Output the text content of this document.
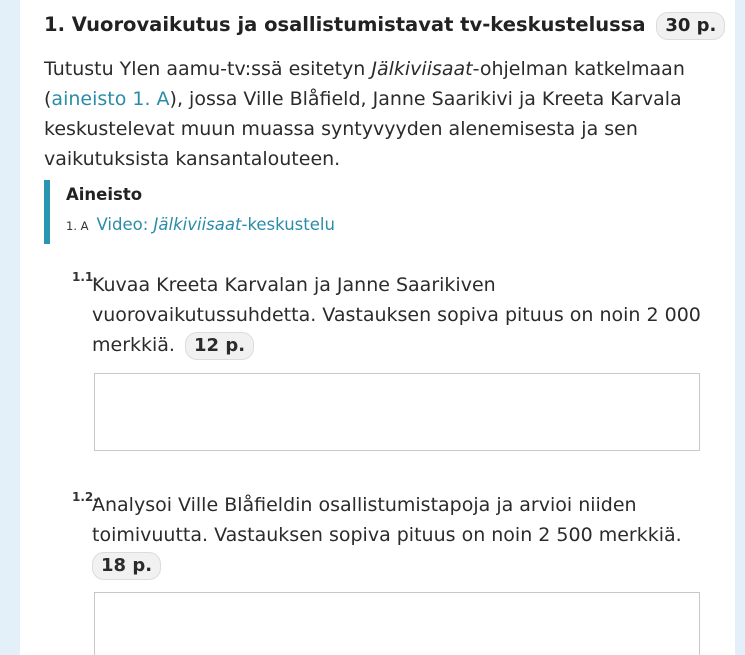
1. Vuorovaikutus ja osallistumistavat tv-keskustelussa 30 p.
Tutustu Ylen aamu-tv:ssä esitetyn Jälkiviisaat-ohjelman katkelmaan (aineisto 1. A), jossa Ville Blåfield, Janne Saarikivi ja Kreeta Karvala keskustelevat muun muassa syntyvyyden alenemisesta ja sen vaikutuksista kansantalouteen.
Aineisto
1. A Video: Jälkiviisaat-keskustelu
1.1.
Kuvaa Kreeta Karvalan ja Janne Saarikiven vuorovaikutussuhdetta. Vastauksen sopiva pituus on noin 2 000 merkkiä. 12 p.
1.2.
Analysoi Ville Blåfieldin osallistumistapoja ja arvioi niiden toimivuutta. Vastauksen sopiva pituus on noin 2 500 merkkiä.
18 p.
